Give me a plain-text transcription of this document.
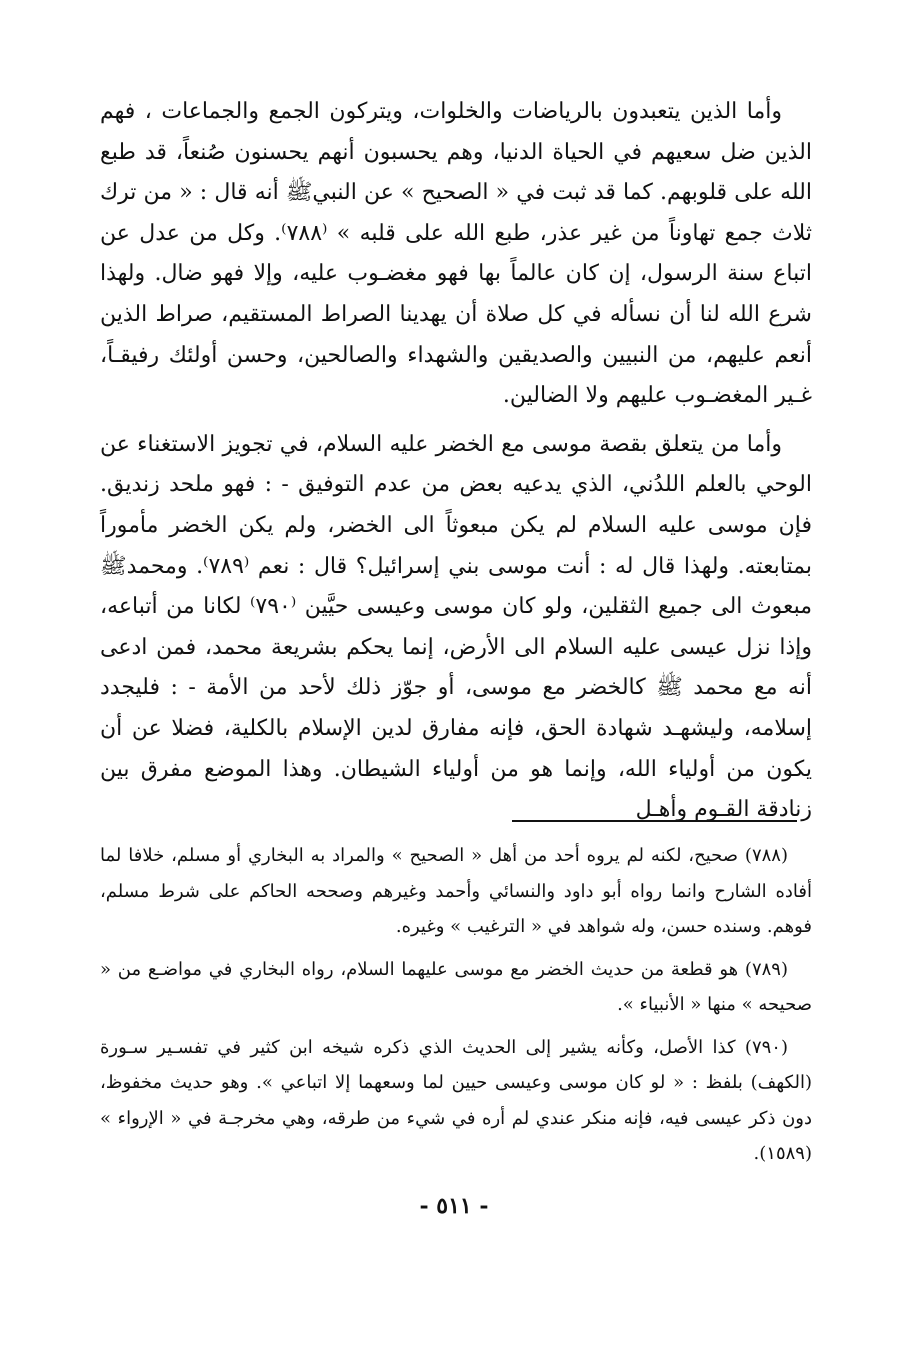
وأما الذين يتعبدون بالرياضات والخلوات، ويتركون الجمع والجماعات ، فهم الذين ضل سعيهم في الحياة الدنيا، وهم يحسبون أنهم يحسنون صُنعاً، قد طبع الله على قلوبهم. كما قد ثبت في « الصحيح » عن النبيﷺ أنه قال : « من ترك ثلاث جمع تهاوناً من غير عذر، طبع الله على قلبه » ⁽٧٨٨⁾. وكل من عدل عن اتباع سنة الرسول، إن كان عالماً بها فهو مغضـوب عليه، وإلا فهو ضال. ولهذا شرع الله لنا أن نسأله في كل صلاة أن يهدينا الصراط المستقيم، صراط الذين أنعم عليهم، من النبيين والصديقين والشهداء والصالحين، وحسن أولئك رفيقـاً، غـير المغضـوب عليهم ولا الضالين.

وأما من يتعلق بقصة موسى مع الخضر عليه السلام، في تجويز الاستغناء عن الوحي بالعلم اللدُني، الذي يدعيه بعض من عدم التوفيق - : فهو ملحد زنديق. فإن موسى عليه السلام لم يكن مبعوثاً الى الخضر، ولم يكن الخضر مأموراً بمتابعته. ولهذا قال له : أنت موسى بني إسرائيل؟ قال : نعم ⁽٧٨٩⁾. ومحمدﷺ مبعوث الى جميع الثقلين، ولو كان موسى وعيسى حيَّين ⁽٧٩٠⁾ لكانا من أتباعه، وإذا نزل عيسى عليه السلام الى الأرض، إنما يحكم بشريعة محمد، فمن ادعى أنه مع محمد ﷺ كالخضر مع موسى، أو جوّز ذلك لأحد من الأمة - : فليجدد إسلامه، وليشهـد شهادة الحق، فإنه مفارق لدين الإسلام بالكلية، فضلا عن أن يكون من أولياء الله، وإنما هو من أولياء الشيطان. وهذا الموضع مفرق بين زنادقة القـوم وأهـل

(٧٨٨) صحيح، لكنه لم يروه أحد من أهل « الصحيح » والمراد به البخاري أو مسلم، خلافا لما أفاده الشارح وانما رواه أبو داود والنسائي وأحمد وغيرهم وصححه الحاكم على شرط مسلم، فوهم. وسنده حسن، وله شواهد في « الترغيب » وغيره.

(٧٨٩) هو قطعة من حديث الخضر مع موسى عليهما السلام، رواه البخاري في مواضـع من « صحيحه » منها « الأنبياء ».

(٧٩٠) كذا الأصل، وكأنه يشير إلى الحديث الذي ذكره شيخه ابن كثير في تفسـير سـورة (الكهف) بلفظ : « لو كان موسى وعيسى حيين لما وسعهما إلا اتباعي ». وهو حديث مخفوظ، دون ذكر عيسى فيه، فإنه منكر عندي لم أره في شيء من طرقه، وهي مخرجـة في « الإرواء » (١٥٨٩).

- ٥١١ -
